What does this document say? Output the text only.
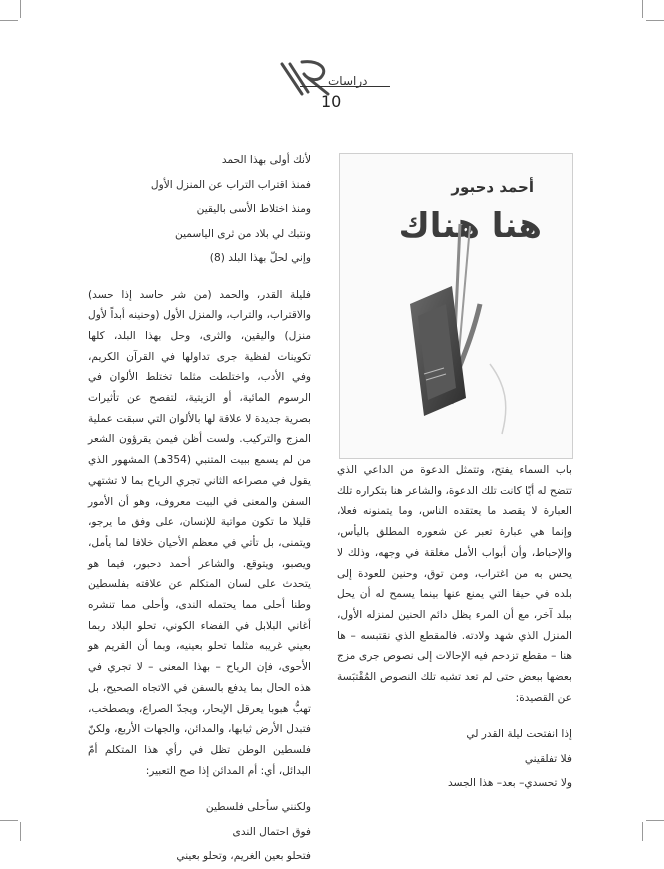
دراسات
10
أحمد دحبور
هنا هناك

لأنك أولى بهذا الحمد

فمنذ اقتراب التراب عن المنزل الأول

ومنذ اختلاط الأسى باليقين

ونتبك لي بلاد من ثرى الياسمين

وإني لحلّ بهذا البلد (8)

فليلة القدر، والحمد (من شر حاسد إذا حسد) والاقتراب، والتراب، والمنزل الأول (وحنينه أبداً لأول منزل) واليقين، والثرى، وحل بهذا البلد، كلها تكوينات لفظية جرى تداولها في القرآن الكريم، وفي الأدب، واختلطت مثلما تختلط الألوان في الرسوم المائية، أو الزيتية، لتفصح عن تأثيرات بصرية جديدة لا علاقة لها بالألوان التي سبقت عملية المزج والتركيب. ولست أظن فيمن يقرؤون الشعر من لم يسمع ببيت المتنبي (354هـ) المشهور الذي يقول في مصراعه الثاني تجري الرياح بما لا تشتهي السفن والمعنى في البيت معروف، وهو أن الأمور قليلا ما تكون مواتية للإنسان، على وفق ما يرجو، ويتمنى، بل تأتي في معظم الأحيان خلافا لما يأمل، ويصبو، ويتوقع. والشاعر أحمد دحبور، فيما هو يتحدث على لسان المتكلم عن علاقته بفلسطين وطنا أحلى مما يحتمله الندى، وأحلى مما تنشره أغاني البلابل في الفضاء الكوني، تحلو البلاد ربما بعيني غريبه مثلما تحلو بعينيه، وبما أن القريم هو الأحوى، فإن الرياح – بهذا المعنى – لا تجري في هذه الحال بما يدفع بالسفن في الاتجاه الصحيح، بل تهبُّ هبوبا يعرقل الإبحار، ويجدّ الصراع، ويصطخب، فتبدل الأرض ثيابها، والمدائن، والجهات الأربع، ولكنّ فلسطين الوطن تظل في رأي هذا المتكلم أمّ البدائل، أي: أم المدائن إذا صح التعبير:

ولكنني سأحلى فلسطين

فوق احتمال الندى

فتحلو بعين الغريم، وتحلو بعيني

باب السماء يفتح، وتتمثل الدعوة من الداعي الذي تتضح له أيّا كانت تلك الدعوة، والشاعر هنا بتكراره تلك العبارة لا يقصد ما يعتقده الناس، وما يتمنونه فعلا، وإنما هي عبارة تعبر عن شعوره المطلق باليأس، والإحباط، وأن أبواب الأمل مغلقة في وجهه، وذلك لا يحس به من اغتراب، ومن توق، وحنين للعودة إلى بلده في حيفا التي يمنع عنها بينما يسمح له أن يحل ببلد آخر، مع أن المرء يظل دائم الحنين لمنزله الأول، المنزل الذي شهد ولادته. فالمقطع الذي نقتبسه – ها هنا – مقطع تزدحم فيه الإحالات إلى نصوص جرى مزج بعضها ببعض حتى لم تعد تشبه تلك النصوص المُقْتبَسة عن القصيدة:

إذا انفتحت ليلة القدر لي

فلا تفلقيني

ولا تحسدي– بعد– هذا الجسد
